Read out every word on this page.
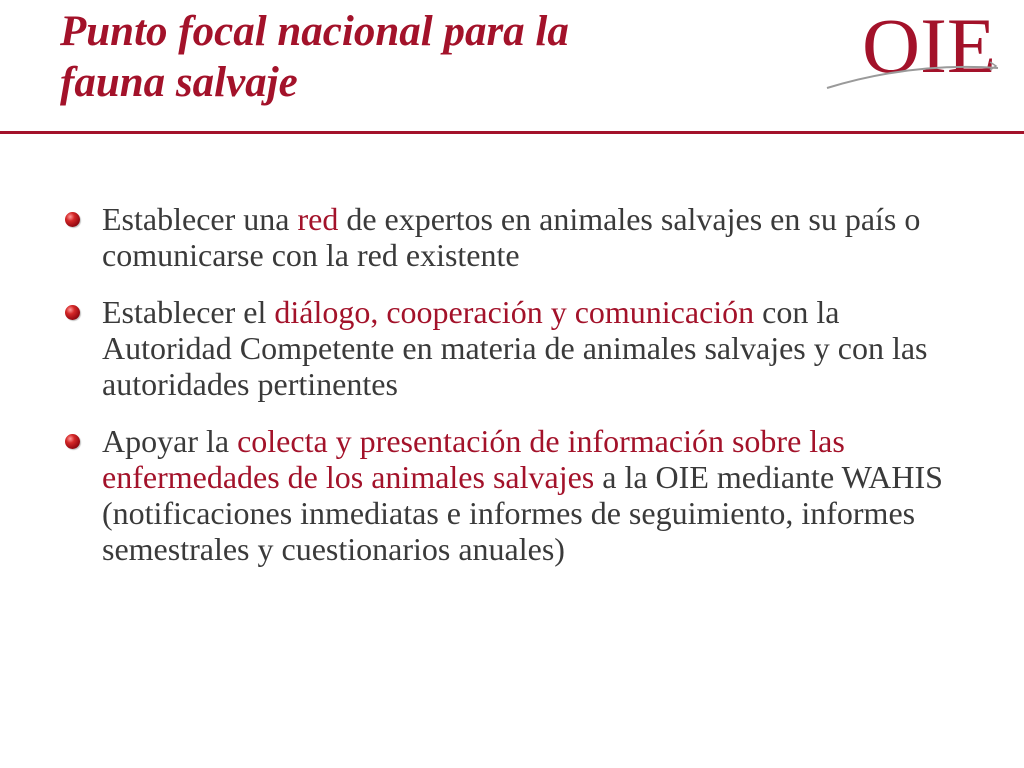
Punto focal nacional para la
fauna salvaje	OIE
Establecer una red de expertos en animales salvajes en su país o comunicarse con la red existente
Establecer el diálogo, cooperación y comunicación con la Autoridad Competente en materia de animales salvajes y con las autoridades pertinentes
Apoyar la colecta y presentación de información sobre las enfermedades de los animales salvajes a la OIE mediante WAHIS (notificaciones inmediatas e informes de seguimiento, informes semestrales y cuestionarios anuales)
